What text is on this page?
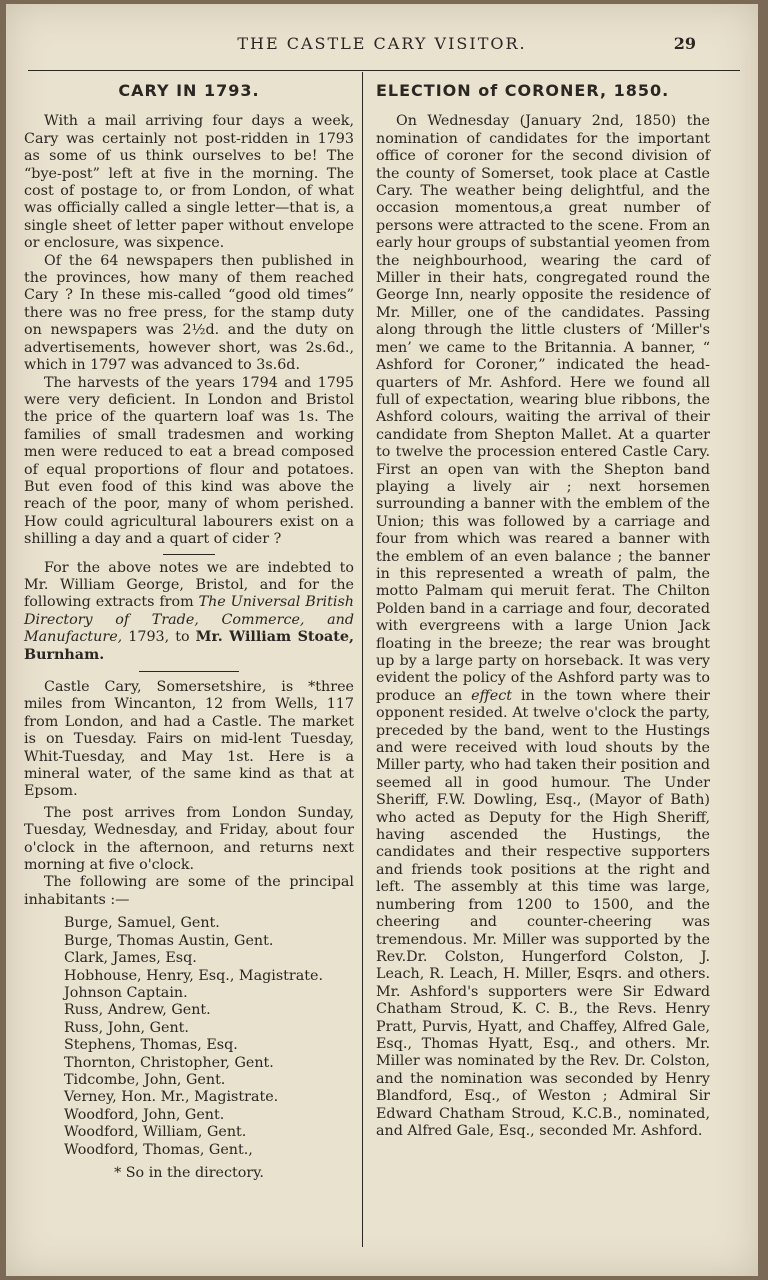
THE CASTLE CARY VISITOR.	29
CARY IN 1793.

With a mail arriving four days a week, Cary was certainly not post-ridden in 1793 as some of us think ourselves to be! The “bye-post” left at five in the morning. The cost of postage to, or from London, of what was officially called a single letter—that is, a single sheet of letter paper without envelope or enclosure, was sixpence.

Of the 64 newspapers then published in the provinces, how many of them reached Cary ? In these mis-called “good old times” there was no free press, for the stamp duty on newspapers was 2½d. and the duty on advertisements, however short, was 2s.6d., which in 1797 was advanced to 3s.6d.

The harvests of the years 1794 and 1795 were very deficient. In London and Bristol the price of the quartern loaf was 1s. The families of small tradesmen and working men were reduced to eat a bread composed of equal proportions of flour and potatoes. But even food of this kind was above the reach of the poor, many of whom perished. How could agricultural labourers exist on a shilling a day and a quart of cider ?

For the above notes we are indebted to Mr. William George, Bristol, and for the following extracts from The Universal British Directory of Trade, Commerce, and Manufacture, 1793, to Mr. William Stoate, Burnham.

Castle Cary, Somersetshire, is *three miles from Wincanton, 12 from Wells, 117 from London, and had a Castle. The market is on Tuesday. Fairs on mid-lent Tuesday, Whit-Tuesday, and May 1st. Here is a mineral water, of the same kind as that at Epsom.

The post arrives from London Sunday, Tuesday, Wednesday, and Friday, about four o'clock in the afternoon, and returns next morning at five o'clock.

The following are some of the principal inhabitants :—

Burge, Samuel, Gent.
Burge, Thomas Austin, Gent.
Clark, James, Esq.
Hobhouse, Henry, Esq., Magistrate.
Johnson Captain.
Russ, Andrew, Gent.
Russ, John, Gent.
Stephens, Thomas, Esq.
Thornton, Christopher, Gent.
Tidcombe, John, Gent.
Verney, Hon. Mr., Magistrate.
Woodford, John, Gent.
Woodford, William, Gent.
Woodford, Thomas, Gent.,

* So in the directory.

ELECTION of CORONER, 1850.

On Wednesday (January 2nd, 1850) the nomination of candidates for the important office of coroner for the second division of the county of Somerset, took place at Castle Cary. The weather being delightful, and the occasion momentous,a great number of persons were attracted to the scene. From an early hour groups of substantial yeomen from the neighbourhood, wearing the card of Miller in their hats, congregated round the George Inn, nearly opposite the residence of Mr. Miller, one of the candidates. Passing along through the little clusters of ‘Miller's men’ we came to the Britannia. A banner, “ Ashford for Coroner,” indicated the head-quarters of Mr. Ashford. Here we found all full of expectation, wearing blue ribbons, the Ashford colours, waiting the arrival of their candidate from Shepton Mallet. At a quarter to twelve the procession entered Castle Cary. First an open van with the Shepton band playing a lively air ; next horsemen surrounding a banner with the emblem of the Union; this was followed by a carriage and four from which was reared a banner with the emblem of an even balance ; the banner in this represented a wreath of palm, the motto Palmam qui meruit ferat. The Chilton Polden band in a carriage and four, decorated with evergreens with a large Union Jack floating in the breeze; the rear was brought up by a large party on horseback. It was very evident the policy of the Ashford party was to produce an effect in the town where their opponent resided. At twelve o'clock the party, preceded by the band, went to the Hustings and were received with loud shouts by the Miller party, who had taken their position and seemed all in good humour. The Under Sheriff, F.W. Dowling, Esq., (Mayor of Bath) who acted as Deputy for the High Sheriff, having ascended the Hustings, the candidates and their respective supporters and friends took positions at the right and left. The assembly at this time was large, numbering from 1200 to 1500, and the cheering and counter-cheering was tremendous. Mr. Miller was supported by the Rev.Dr. Colston, Hungerford Colston, J. Leach, R. Leach, H. Miller, Esqrs. and others. Mr. Ashford's supporters were Sir Edward Chatham Stroud, K. C. B., the Revs. Henry Pratt, Purvis, Hyatt, and Chaffey, Alfred Gale, Esq., Thomas Hyatt, Esq., and others. Mr. Miller was nominated by the Rev. Dr. Colston, and the nomination was seconded by Henry Blandford, Esq., of Weston ; Admiral Sir Edward Chatham Stroud, K.C.B., nominated, and Alfred Gale, Esq., seconded Mr. Ashford.
